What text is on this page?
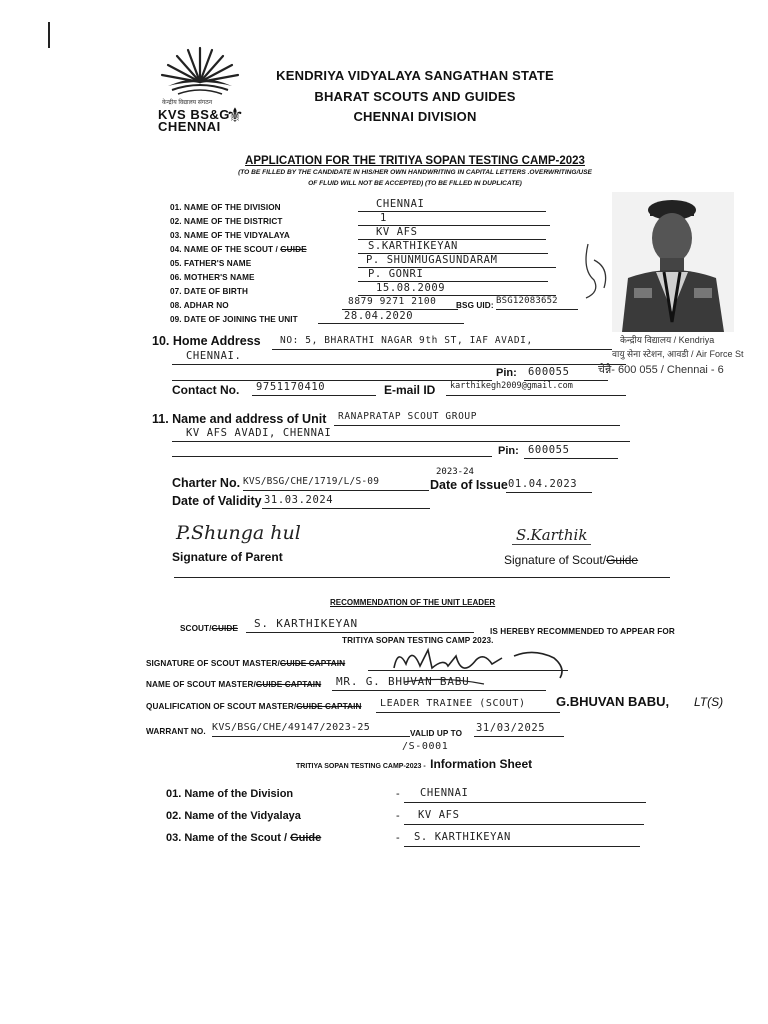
केन्द्रीय विद्यालय संगठन
KVS BS&G
CHENNAI ⚜
KENDRIYA VIDYALAYA SANGATHAN STATE
BHARAT SCOUTS AND GUIDES
CHENNAI DIVISION
APPLICATION FOR THE TRITIYA SOPAN TESTING CAMP-2023
(TO BE FILLED BY THE CANDIDATE IN HIS/HER OWN HANDWRITING IN CAPITAL LETTERS .OVERWRITING/USE
OF FLUID WILL NOT BE ACCEPTED) (TO BE FILLED IN DUPLICATE)
01. NAME OF THE DIVISION	CHENNAI
02. NAME OF THE DISTRICT	1
03. NAME OF THE VIDYALAYA	KV AFS
04. NAME OF THE SCOUT / GUIDE	S.KARTHIKEYAN
05. FATHER'S NAME	P. SHUNMUGASUNDARAM
06. MOTHER'S NAME	P. GONRI
07. DATE OF BIRTH	15.08.2009
08. ADHAR NO	8879 9271 2100	BSG UID: BSG12083652
09. DATE OF JOINING THE UNIT	28.04.2020
10. Home Address	NO: 5, BHARATHI NAGAR 9th ST, IAF AVADI,
CHENNAI.
Pin:	600055
Contact No.	9751170410	E-mail ID	karthikegh2009@gmail.com
केन्द्रीय विद्यालय / Kendriya
वायु सेना स्टेशन, आवडी / Air Force St
चेन्नै- 600 055 / Chennai - 6
11. Name and address of Unit	RANAPRATAP SCOUT GROUP
KV AFS AVADI, CHENNAI
Pin: 600055
2023-24
Charter No. KVS/BSG/CHE/1719/L/S-09	Date of Issue 01.04.2023
Date of Validity 31.03.2024
P.Shunga hul
Signature of Parent
S.Karthik
Signature of Scout/Guide
RECOMMENDATION OF THE UNIT LEADER
SCOUT/GUIDE	S. KARTHIKEYAN
IS HEREBY RECOMMENDED TO APPEAR FOR
TRITIYA SOPAN TESTING CAMP 2023.
SIGNATURE OF SCOUT MASTER/GUIDE CAPTAIN
NAME OF SCOUT MASTER/GUIDE CAPTAIN	MR. G. BHUVAN BABU
QUALIFICATION OF SCOUT MASTER/GUIDE CAPTAIN	LEADER TRAINEE (SCOUT)	G.BHUVAN BABU, LT(S)
WARRANT NO. KVS/BSG/CHE/49147/2023-25
VALID UP TO 31/03/2025
/S-0001
TRITIYA SOPAN TESTING CAMP-2023 - Information Sheet
01. Name of the Division	-	CHENNAI
02. Name of the Vidyalaya	-	KV AFS
03. Name of the Scout / Guide	-	S. KARTHIKEYAN
